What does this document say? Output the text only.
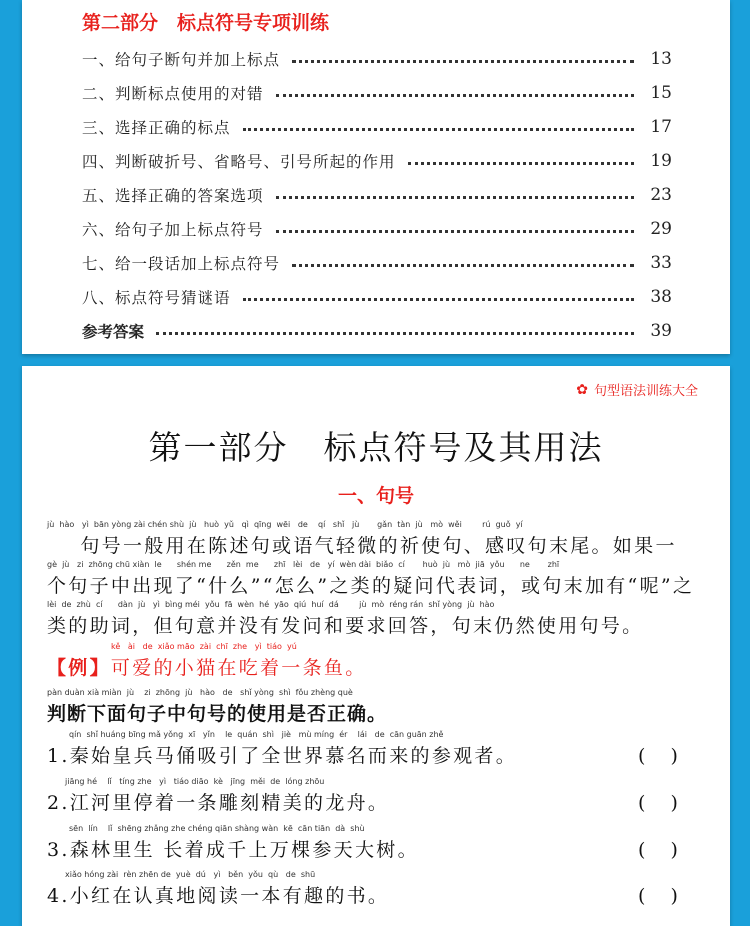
第二部分　标点符号专项训练
一、给句子断句并加上标点	13
二、判断标点使用的对错	15
三、选择正确的标点	17
四、判断破折号、省略号、引号所起的作用	19
五、选择正确的答案选项	23
六、给句子加上标点符号	29
七、给一段话加上标点符号	33
八、标点符号猜谜语	38
参考答案	39
✿ 句型语法训练大全
第一部分　标点符号及其用法
一、句号
jù  hào   yì  bān yòng zài chén shù  jù   huò  yǔ   qì  qīng  wēi   de    qí   shǐ   jù       gǎn  tàn  jù   mò  wěi        rú  guǒ  yí
句号一般用在陈述句或语气轻微的祈使句、感叹句末尾。如果一
gè  jù   zi  zhōng chū xiàn  le      shén me      zěn  me      zhī   lèi   de   yí  wèn dài  biǎo  cí       huò  jù   mò  jiā  yǒu      ne       zhī
个句子中出现了“什么”“怎么”之类的疑问代表词，或句末加有“呢”之
lèi  de  zhù  cí      dàn  jù   yì  bìng méi  yǒu  fā  wèn  hé  yāo  qiú  huí  dá        jù  mò  réng rán  shǐ yòng  jù  hào
类的助词，但句意并没有发问和要求回答，句末仍然使用句号。
kě   ài   de  xiǎo māo  zài  chī  zhe   yì  tiáo  yú
【例】可爱的小猫在吃着一条鱼。
pàn duàn xià miàn  jù    zi  zhōng  jù   hào   de   shǐ yòng  shì  fǒu zhèng què
判断下面句子中句号的使用是否正确。
qín  shǐ huáng bīng mǎ yǒng  xī   yǐn    le  quán  shì   jiè   mù míng  ér    lái   de  cān guān zhě
1.秦始皇兵马俑吸引了全世界慕名而来的参观者。	(　 )
jiāng hé    lǐ   tíng zhe   yì   tiáo diāo  kè   jīng  měi  de  lóng zhōu
2.江河里停着一条雕刻精美的龙舟。	(　 )
sēn  lín    lǐ  shēng zhǎng zhe chéng qiān shàng wàn  kē  cān tiān  dà  shù
3.森林里生 长着成千上万棵参天大树。	(　 )
xiǎo hóng zài  rèn zhēn de  yuè  dú   yì   běn  yǒu  qù   de  shū
4.小红在认真地阅读一本有趣的书。	(　 )
